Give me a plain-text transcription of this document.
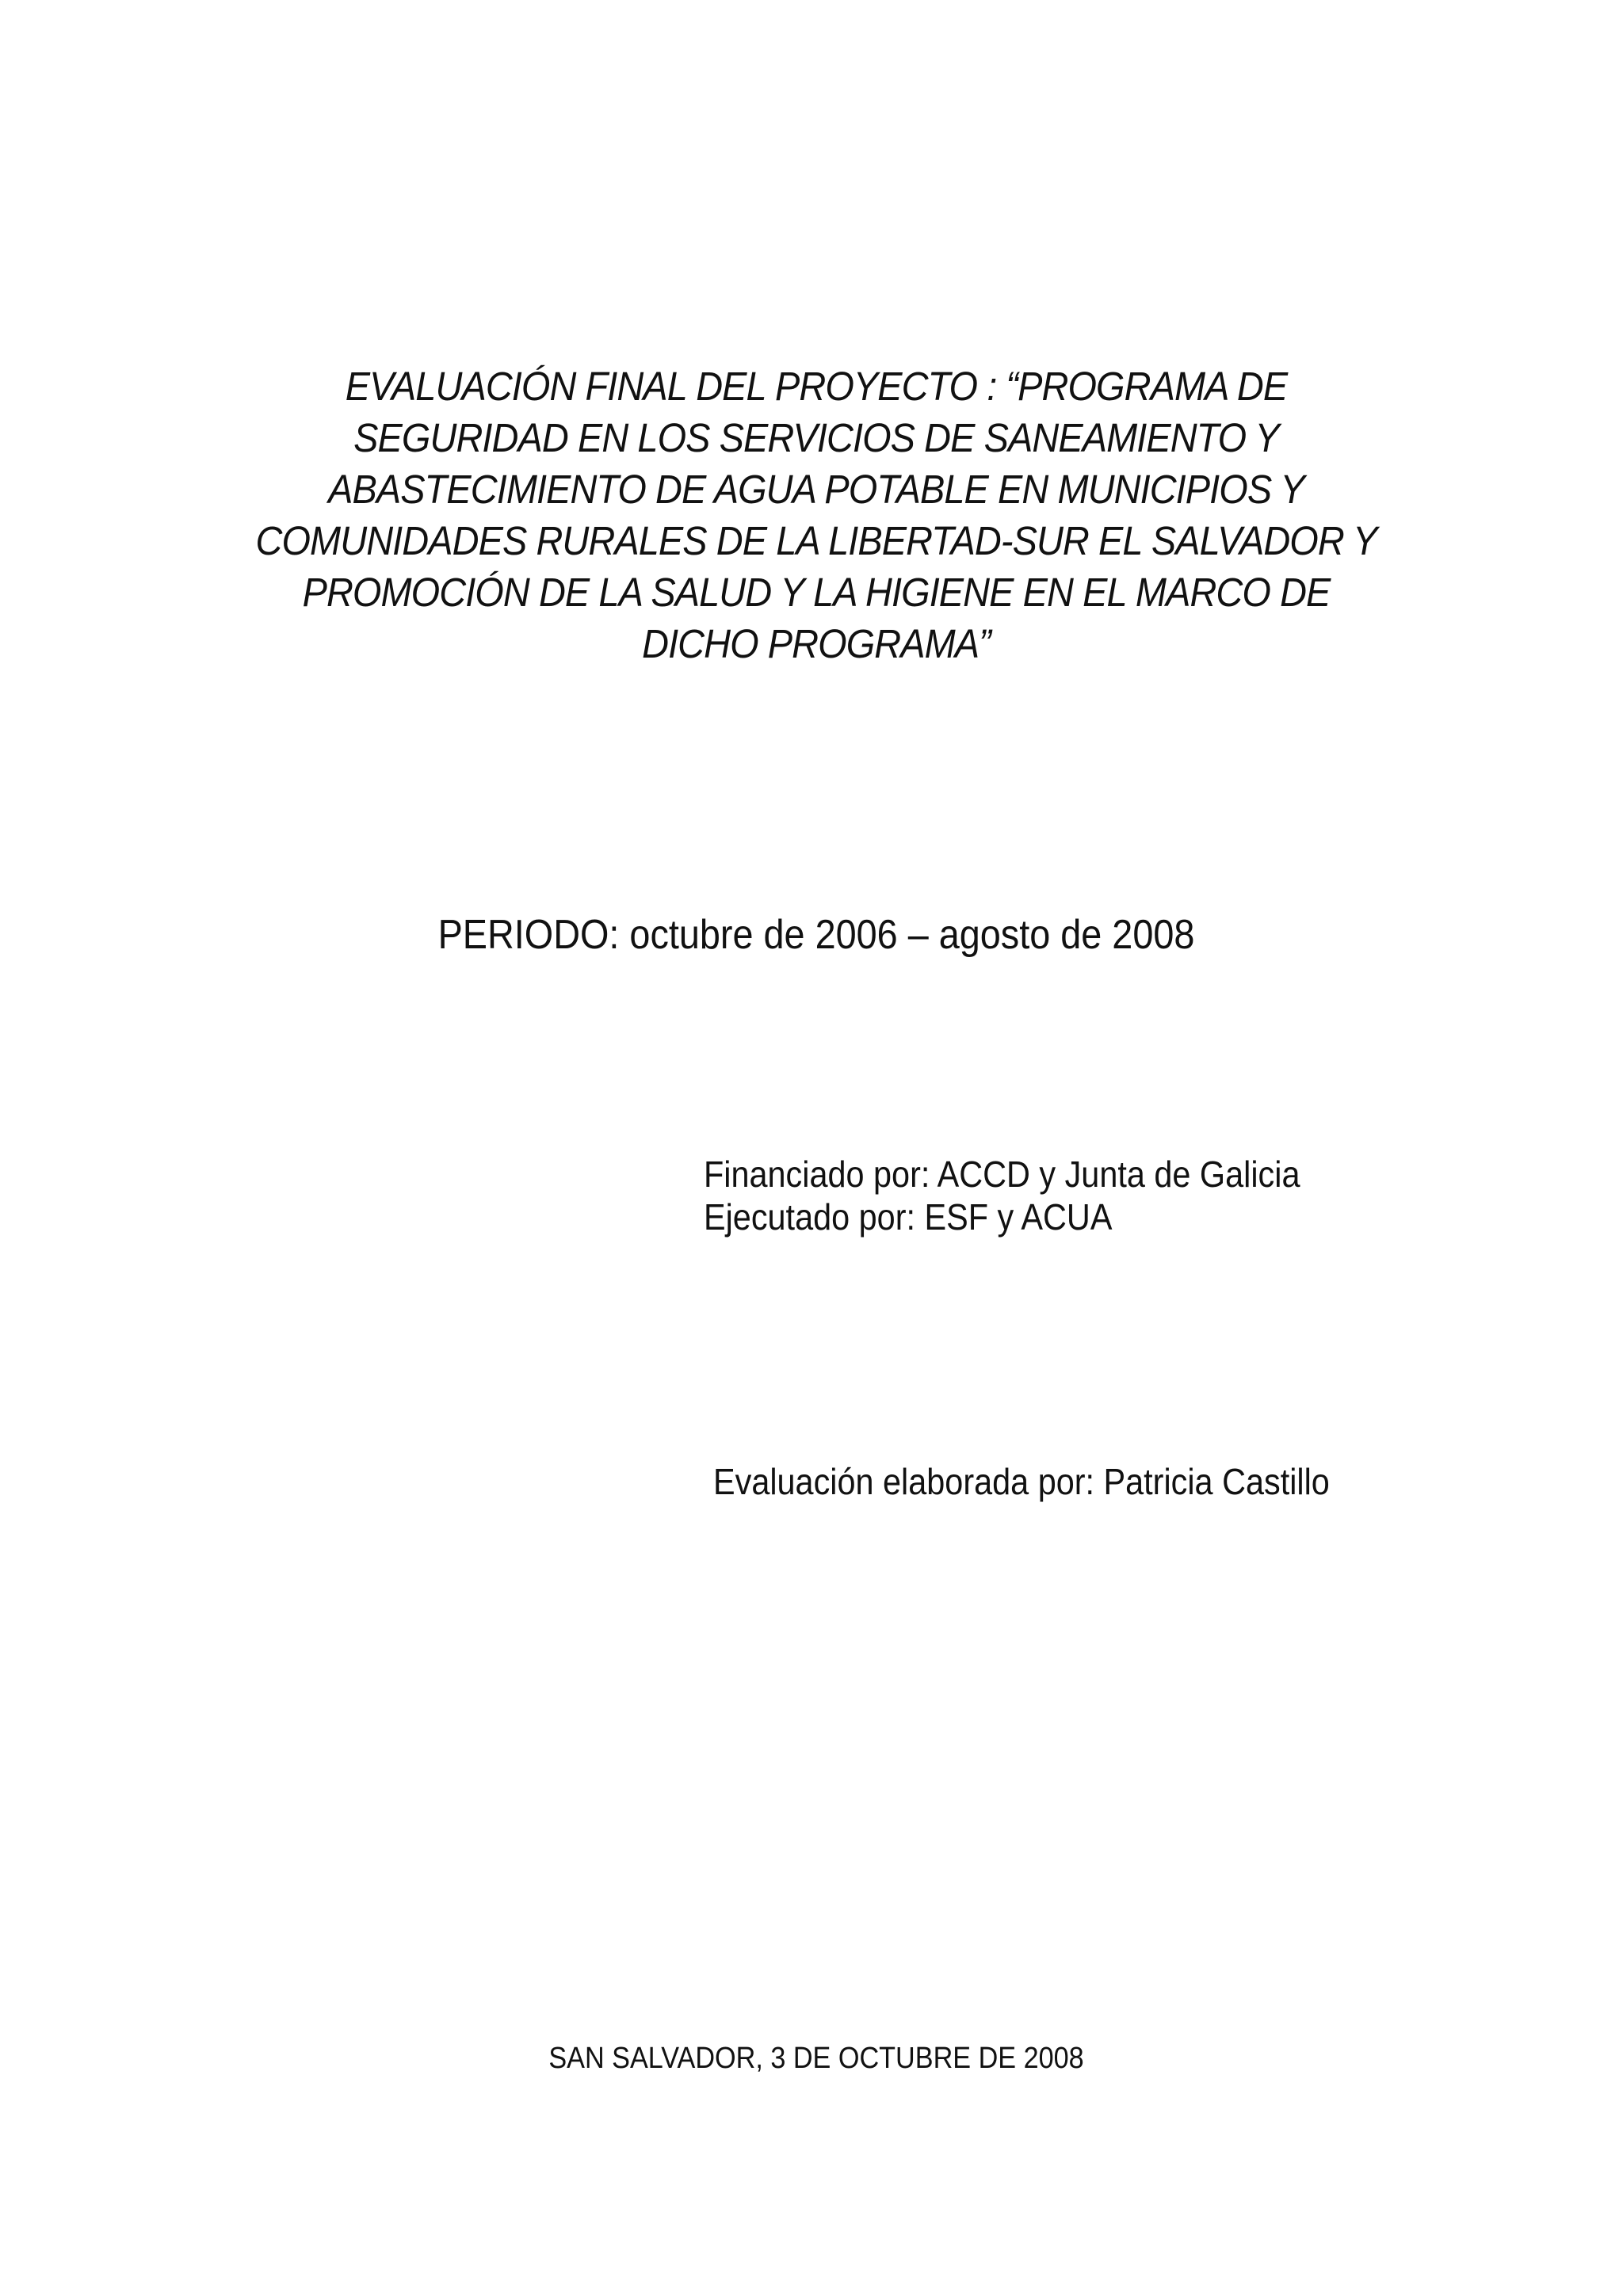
EVALUACIÓN FINAL DEL PROYECTO : “PROGRAMA DE
SEGURIDAD EN LOS SERVICIOS DE SANEAMIENTO Y
ABASTECIMIENTO DE AGUA POTABLE EN MUNICIPIOS Y
COMUNIDADES RURALES DE LA LIBERTAD-SUR EL SALVADOR Y
PROMOCIÓN DE LA SALUD Y LA HIGIENE EN EL MARCO DE
DICHO PROGRAMA”
PERIODO: octubre de 2006 – agosto de 2008
Financiado por: ACCD y Junta de Galicia
Ejecutado por: ESF y ACUA
Evaluación elaborada por: Patricia Castillo
SAN SALVADOR, 3 DE OCTUBRE DE 2008
